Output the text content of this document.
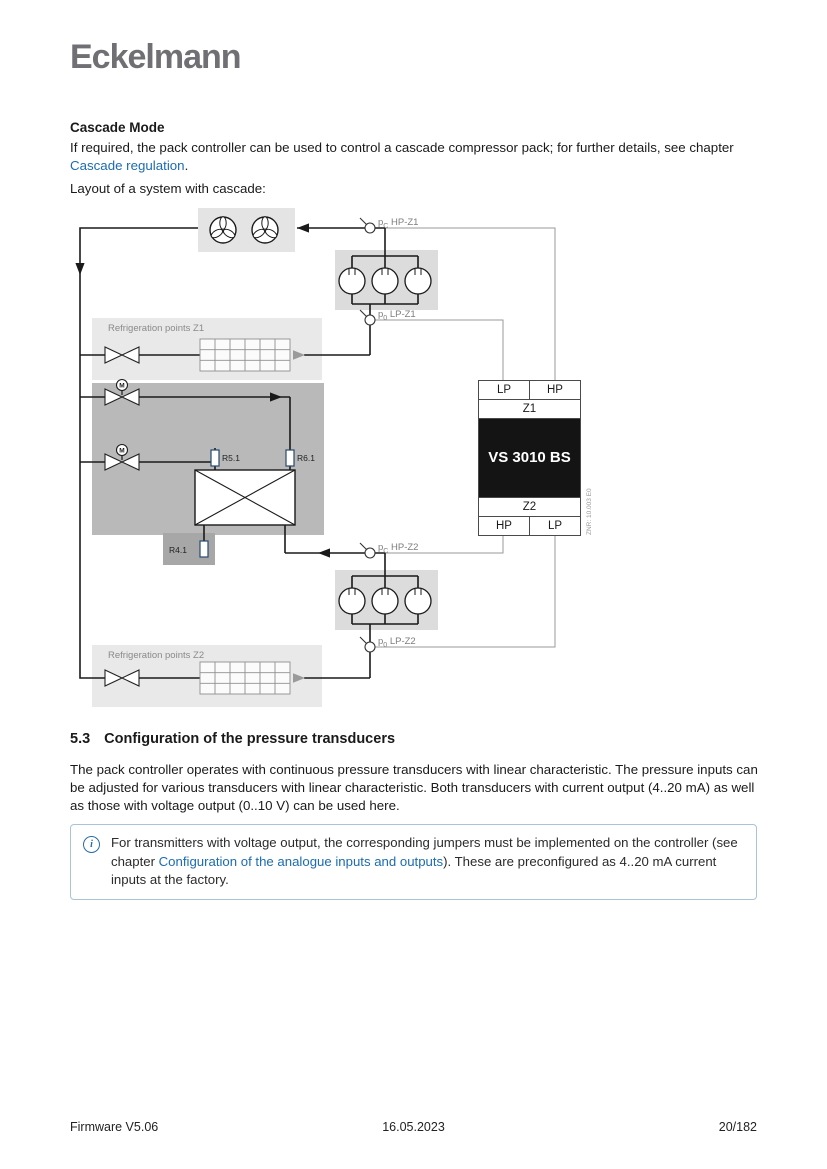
Eckelmann
Cascade Mode

If required, the pack controller can be used to control a cascade compressor pack; for further details, see chapter Cascade regulation.

Layout of a system with cascade:
M
M
Refrigeration points Z1
Refrigeration points Z2
R5.1	R6.1
R4.1
$p_C$ HP-Z1
$p_0$ LP-Z1
$p_C$ HP-Z2
$p_0$ LP-Z2
LP	HP
Z1
VS 3010 BS
Z2
HP	LP	ZNR: 10.003 E0
5.3 Configuration of the pressure transducers

The pack controller operates with continuous pressure transducers with linear characteristic. The pressure inputs can be adjusted for various transducers with linear characteristic. Both transducers with current output (4..20 mA) as well as those with voltage output (0..10 V) can be used here.

i	For transmitters with voltage output, the corresponding jumpers must be implemented on the controller (see chapter Configuration of the analogue inputs and outputs). These are preconfigured as 4..20 mA current inputs at the factory.
Firmware V5.06	16.05.2023	20/182
